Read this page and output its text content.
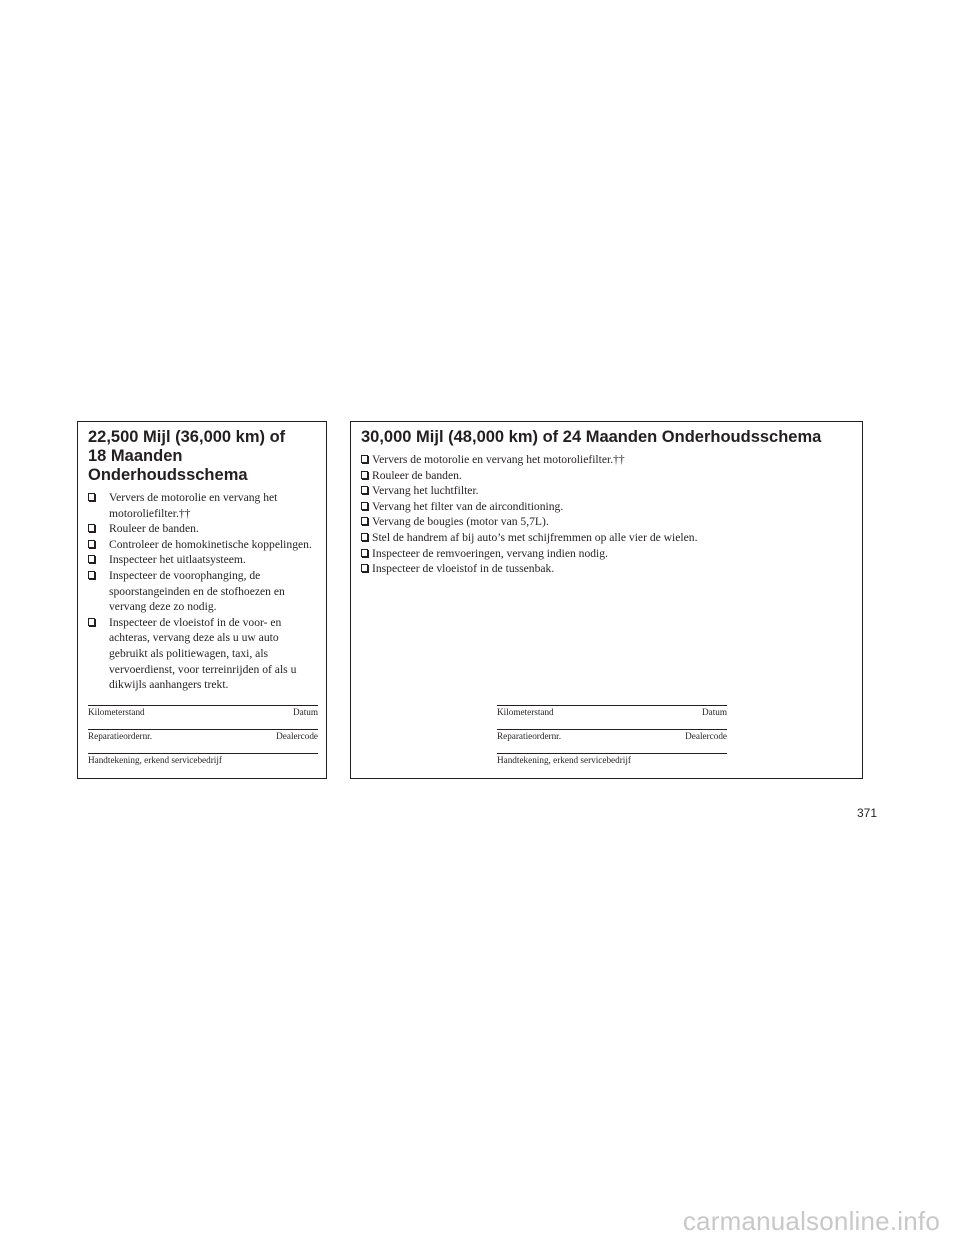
22,500 Mijl (36,000 km) of
18 Maanden
Onderhoudsschema
Ververs de motorolie en vervang het motoroliefilter.††
Rouleer de banden.
Controleer de homokinetische koppelingen.
Inspecteer het uitlaatsysteem.
Inspecteer de voorophanging, de spoorstangeinden en de stofhoezen en vervang deze zo nodig.
Inspecteer de vloeistof in de voor- en achteras, vervang deze als u uw auto gebruikt als politiewagen, taxi, als vervoerdienst, voor terreinrijden of als u dikwijls aanhangers trekt.
Kilometerstand	Datum
Reparatieordernr.	Dealercode
Handtekening, erkend servicebedrijf
30,000 Mijl (48,000 km) of 24 Maanden Onderhoudsschema
Ververs de motorolie en vervang het motoroliefilter.††
Rouleer de banden.
Vervang het luchtfilter.
Vervang het filter van de airconditioning.
Vervang de bougies (motor van 5,7L).
Stel de handrem af bij auto’s met schijfremmen op alle vier de wielen.
Inspecteer de remvoeringen, vervang indien nodig.
Inspecteer de vloeistof in de tussenbak.
Kilometerstand	Datum
Reparatieordernr.	Dealercode
Handtekening, erkend servicebedrijf
371
carmanualsonline.info
